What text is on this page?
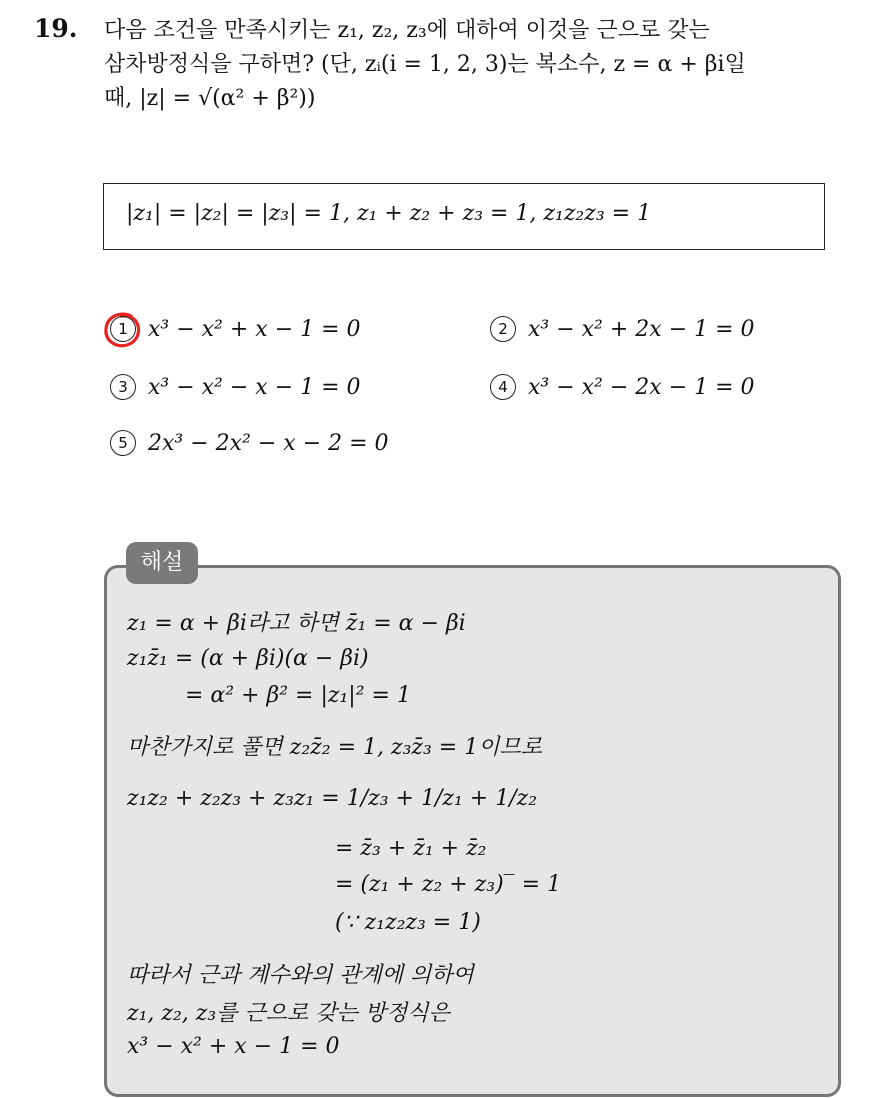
19. 다음 조건을 만족시키는 z₁, z₂, z₃에 대하여 이것을 근으로 갖는
삼차방정식을 구하면? (단, zᵢ(i = 1, 2, 3)는 복소수, z = α + βi일
때, |z| = √(α² + β²))
|z₁| = |z₂| = |z₃| = 1, z₁ + z₂ + z₃ = 1, z₁z₂z₃ = 1
1 x³ − x² + x − 1 = 0	2 x³ − x² + 2x − 1 = 0
3 x³ − x² − x − 1 = 0	4 x³ − x² − 2x − 1 = 0
5 2x³ − 2x² − x − 2 = 0
z₁ = α + βi라고 하면 z̄₁ = α − βi
z₁z̄₁ = (α + βi)(α − βi)
= α² + β² = |z₁|² = 1
마찬가지로 풀면 z₂z̄₂ = 1, z₃z̄₃ = 1이므로
z₁z₂ + z₂z₃ + z₃z₁ = 1/z₃ + 1/z₁ + 1/z₂
= z̄₃ + z̄₁ + z̄₂
= (z₁ + z₂ + z₃)‾ = 1
(∵ z₁z₂z₃ = 1)
따라서 근과 계수와의 관계에 의하여
z₁, z₂, z₃를 근으로 갖는 방정식은
x³ − x² + x − 1 = 0
해설
